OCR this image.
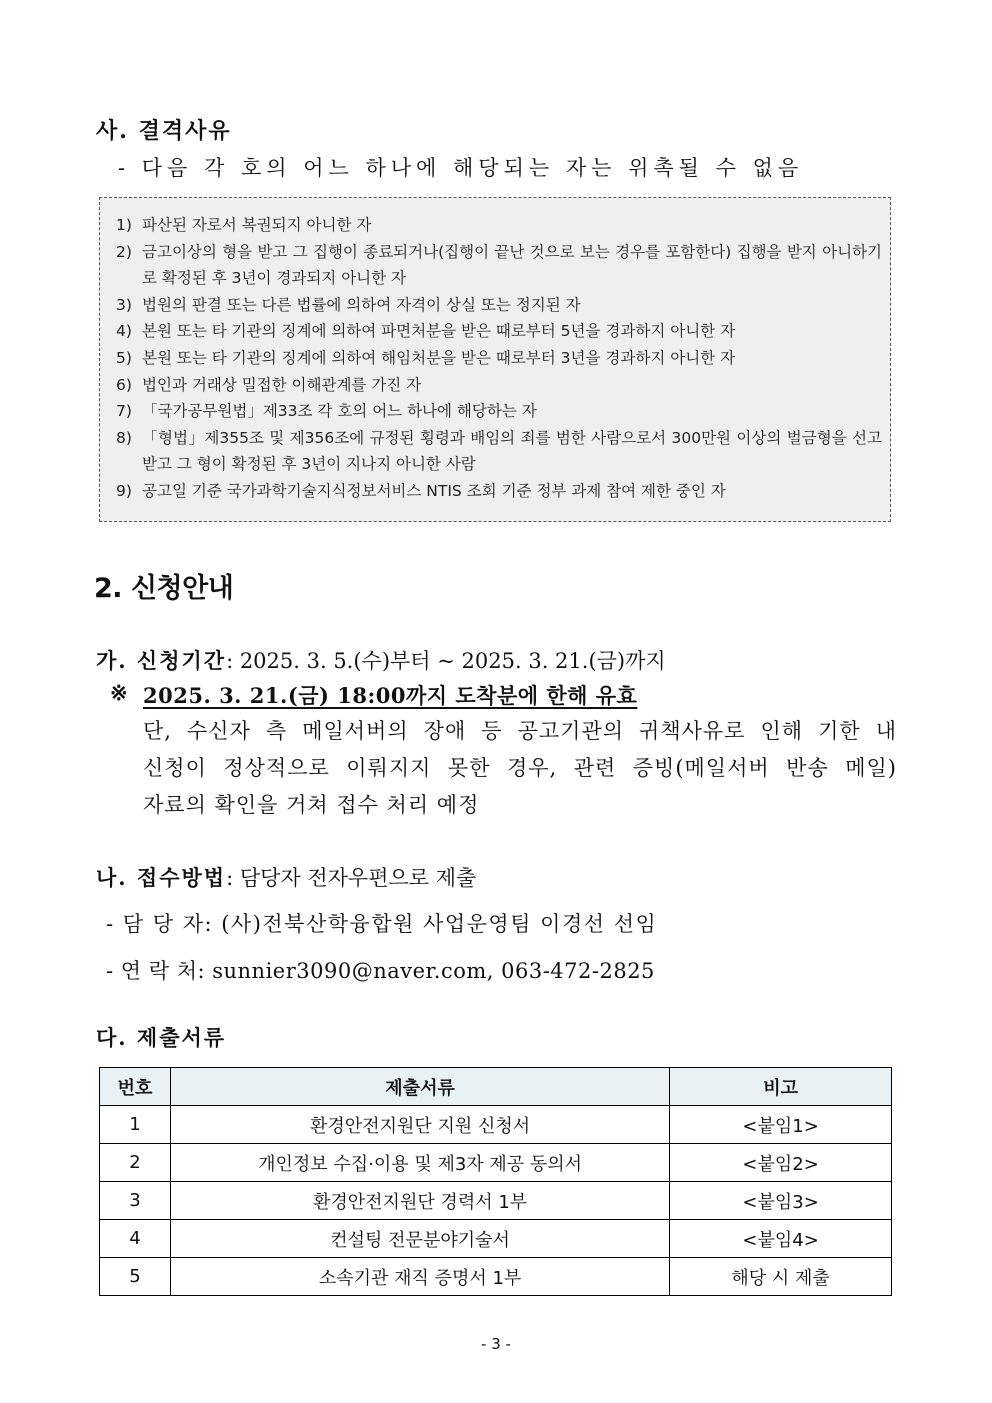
사. 결격사유
- 다음 각 호의 어느 하나에 해당되는 자는 위촉될 수 없음
1) 파산된 자로서 복권되지 아니한 자
2) 금고이상의 형을 받고 그 집행이 종료되거나(집행이 끝난 것으로 보는 경우를 포함한다) 집행을 받지 아니하기로 확정된 후 3년이 경과되지 아니한 자
3) 법원의 판결 또는 다른 법률에 의하여 자격이 상실 또는 정지된 자
4) 본원 또는 타 기관의 징계에 의하여 파면처분을 받은 때로부터 5년을 경과하지 아니한 자
5) 본원 또는 타 기관의 징계에 의하여 해임처분을 받은 때로부터 3년을 경과하지 아니한 자
6) 법인과 거래상 밀접한 이해관계를 가진 자
7) 「국가공무원법」제33조 각 호의 어느 하나에 해당하는 자
8) 「형법」제355조 및 제356조에 규정된 횡령과 배임의 죄를 범한 사람으로서 300만원 이상의 벌금형을 선고받고 그 형이 확정된 후 3년이 지나지 아니한 사람
9) 공고일 기준 국가과학기술지식정보서비스 NTIS 조회 기준 정부 과제 참여 제한 중인 자
2. 신청안내
가. 신청기간: 2025. 3. 5.(수)부터 ~ 2025. 3. 21.(금)까지
※ 2025. 3. 21.(금) 18:00까지 도착분에 한해 유효
단, 수신자 측 메일서버의 장애 등 공고기관의 귀책사유로 인해 기한 내
신청이 정상적으로 이뤄지지 못한 경우, 관련 증빙(메일서버 반송 메일)
자료의 확인을 거쳐 접수 처리 예정
나. 접수방법: 담당자 전자우편으로 제출
- 담 당 자: (사)전북산학융합원 사업운영팀 이경선 선임
- 연 락 처: sunnier3090@naver.com, 063-472-2825
다. 제출서류
번호	제출서류	비고
1	환경안전지원단 지원 신청서	<붙임1>
2	개인정보 수집·이용 및 제3자 제공 동의서	<붙임2>
3	환경안전지원단 경력서 1부	<붙임3>
4	컨설팅 전문분야기술서	<붙임4>
5	소속기관 재직 증명서 1부	해당 시 제출
- 3 -
